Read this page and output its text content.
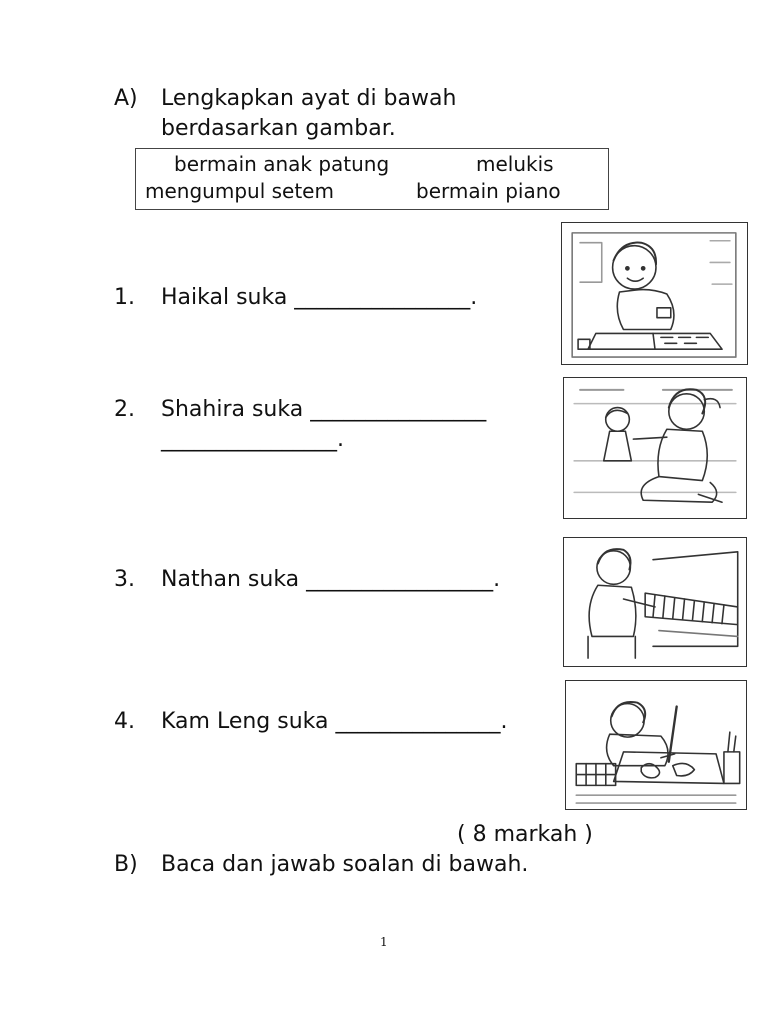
A) Lengkapkan ayat di bawah
berdasarkan gambar.
bermain anak patung	melukis
mengumpul setem	bermain piano
1. Haikal suka ________________.
2. Shahira suka ________________
________________.
3. Nathan suka _________________.
4. Kam Leng suka _______________.
( 8 markah )
B) Baca dan jawab soalan di bawah.
1
